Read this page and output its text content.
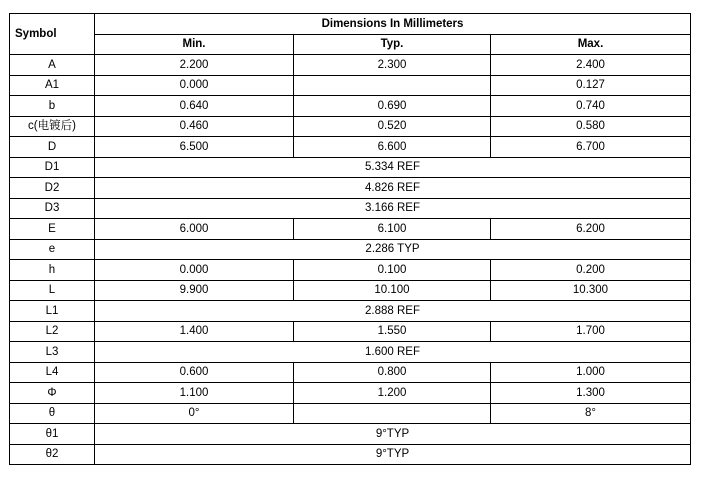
Symbol	Dimensions In Millimeters		
	Min.	Typ.	Max.
A	2.200	2.300	2.400
A1	0.000		0.127
b	0.640	0.690	0.740
c(电镀后)	0.460	0.520	0.580
D	6.500	6.600	6.700
D1	5.334 REF		
D2	4.826 REF		
D3	3.166 REF		
E	6.000	6.100	6.200
e	2.286 TYP		
h	0.000	0.100	0.200
L	9.900	10.100	10.300
L1	2.888 REF		
L2	1.400	1.550	1.700
L3	1.600 REF		
L4	0.600	0.800	1.000
Φ	1.100	1.200	1.300
θ	0°		8°
θ1	9°TYP		
θ2	9°TYP		
